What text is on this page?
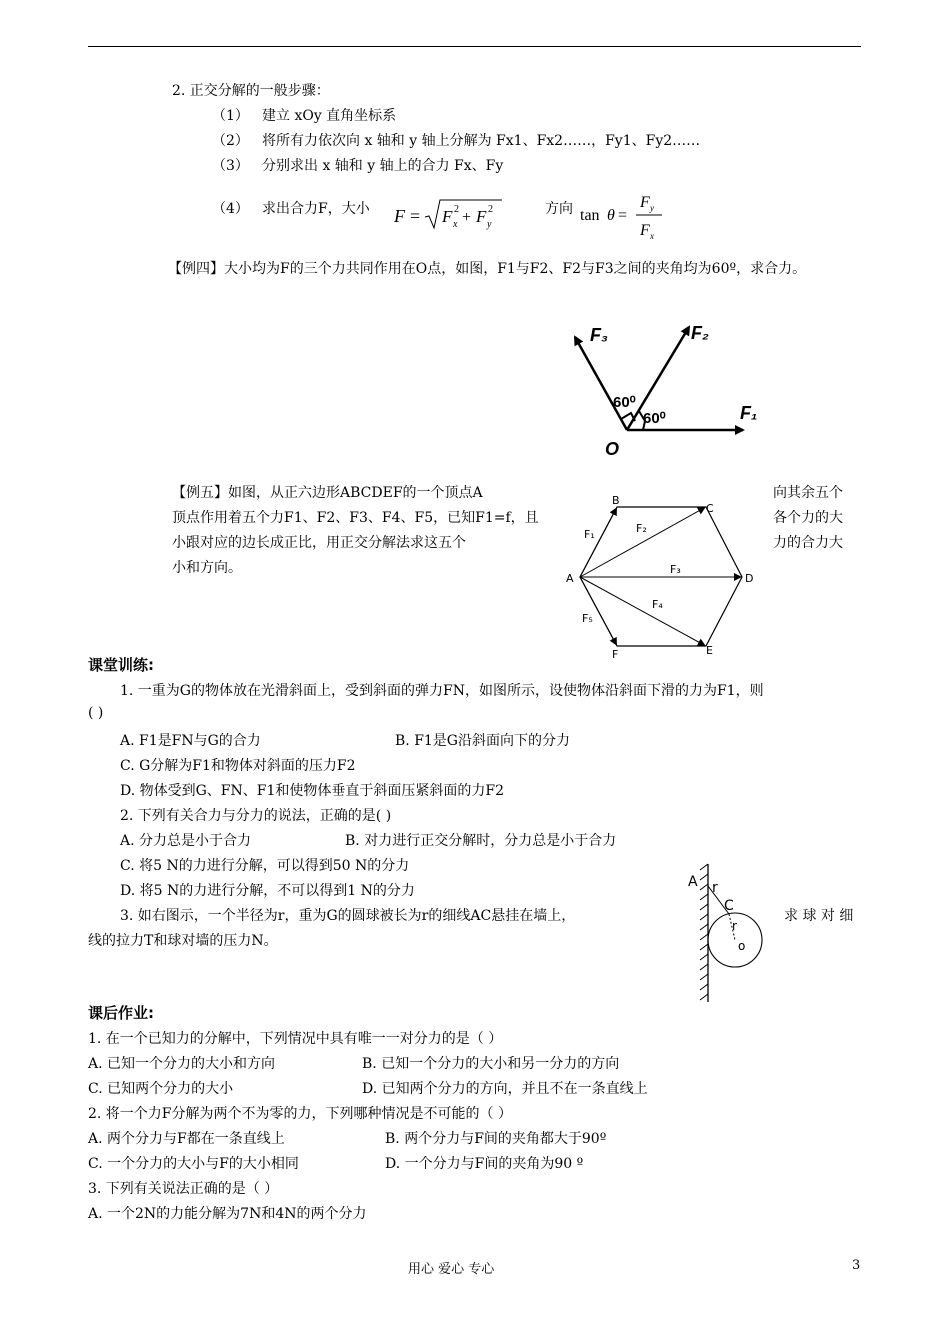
2. 正交分解的一般步骤：
（1） 建立 xOy 直角坐标系
（2） 将所有力依次向 x 轴和 y 轴上分解为 Fx1、Fx2……，Fy1、Fy2……
（3） 分别求出 x 轴和 y 轴上的合力 Fx、Fy
（4） 求出合力F，大小 F = F x
2 + F y
2	方向 tan θ =
F y
F x
【例四】大小均为F的三个力共同作用在O点，如图，F1与F2、F2与F3之间的夹角均为60º，求合力。
F₃	F₂
F₁
60⁰
60⁰
O
【例五】如图，从正六边形ABCDEF的一个顶点A
顶点作用着五个力F1、F2、F3、F4、F5，已知F1=f，且
小跟对应的边长成正比，用正交分解法求这五个
小和方向。
向其余五个
各个力的大
力的合力大
A
B
C
D
E
F
F₁	F₂
F₃
F₄
F₅
课堂训练:
1. 一重为G的物体放在光滑斜面上，受到斜面的弹力FN，如图所示，设使物体沿斜面下滑的力为F1，则
( )
A. F1是FN与G的合力	B. F1是G沿斜面向下的分力
C. G分解为F1和物体对斜面的压力F2
D. 物体受到G、FN、F1和使物体垂直于斜面压紧斜面的力F2
2. 下列有关合力与分力的说法，正确的是( )
A. 分力总是小于合力	B. 对力进行正交分解时，分力总是小于合力
C. 将5 N的力进行分解，可以得到50 N的分力
D. 将5 N的力进行分解，不可以得到1 N的分力
3. 如右图示，一个半径为r，重为G的圆球被长为r的细线AC悬挂在墙上，	求 球 对 细
线的拉力T和球对墙的压力N。
A r
C
r
o
课后作业:
1. 在一个已知力的分解中，下列情况中具有唯一一对分力的是（ ）
A. 已知一个分力的大小和方向	B. 已知一个分力的大小和另一分力的方向
C. 已知两个分力的大小	D. 已知两个分力的方向，并且不在一条直线上
2. 将一个力F分解为两个不为零的力，下列哪种情况是不可能的（ ）
A. 两个分力与F都在一条直线上	B. 两个分力与F间的夹角都大于90º
C. 一个分力的大小与F的大小相同	D. 一个分力与F间的夹角为90 º
3. 下列有关说法正确的是（ ）
A. 一个2N的力能分解为7N和4N的两个分力
用心 爱心 专心	3
